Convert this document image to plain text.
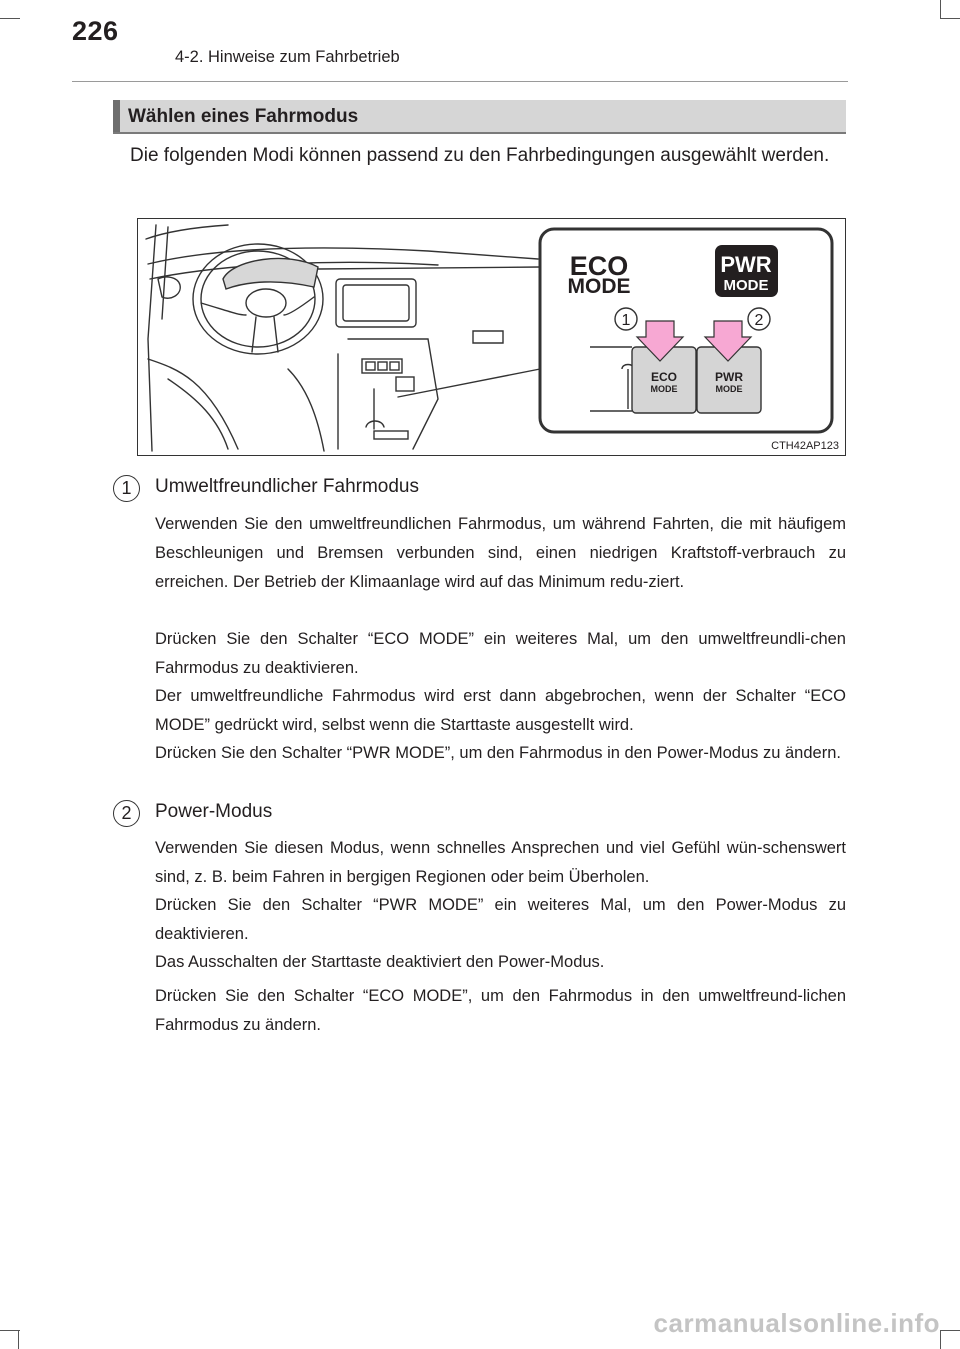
226
4-2. Hinweise zum Fahrbetrieb
Wählen eines Fahrmodus
Die folgenden Modi können passend zu den Fahrbedingungen ausgewählt werden.
ECO
MODE
PWR
MODE
1	2
ECO
MODE
PWR
MODE
CTH42AP123
1	Umweltfreundlicher Fahrmodus
Verwenden Sie den umweltfreundlichen Fahrmodus, um während Fahrten, die mit häufigem Beschleunigen und Bremsen verbunden sind, einen niedrigen Kraftstoff-verbrauch zu erreichen. Der Betrieb der Klimaanlage wird auf das Minimum redu-ziert.
Drücken Sie den Schalter “ECO MODE” ein weiteres Mal, um den umweltfreundli-chen Fahrmodus zu deaktivieren.
Der umweltfreundliche Fahrmodus wird erst dann abgebrochen, wenn der Schalter “ECO MODE” gedrückt wird, selbst wenn die Starttaste ausgestellt wird.
Drücken Sie den Schalter “PWR MODE”, um den Fahrmodus in den Power-Modus zu ändern.
2	Power-Modus
Verwenden Sie diesen Modus, wenn schnelles Ansprechen und viel Gefühl wün-schenswert sind, z. B. beim Fahren in bergigen Regionen oder beim Überholen.
Drücken Sie den Schalter “PWR MODE” ein weiteres Mal, um den Power-Modus zu deaktivieren.
Das Ausschalten der Starttaste deaktiviert den Power-Modus.
Drücken Sie den Schalter “ECO MODE”, um den Fahrmodus in den umweltfreund-lichen Fahrmodus zu ändern.
carmanualsonline.info
